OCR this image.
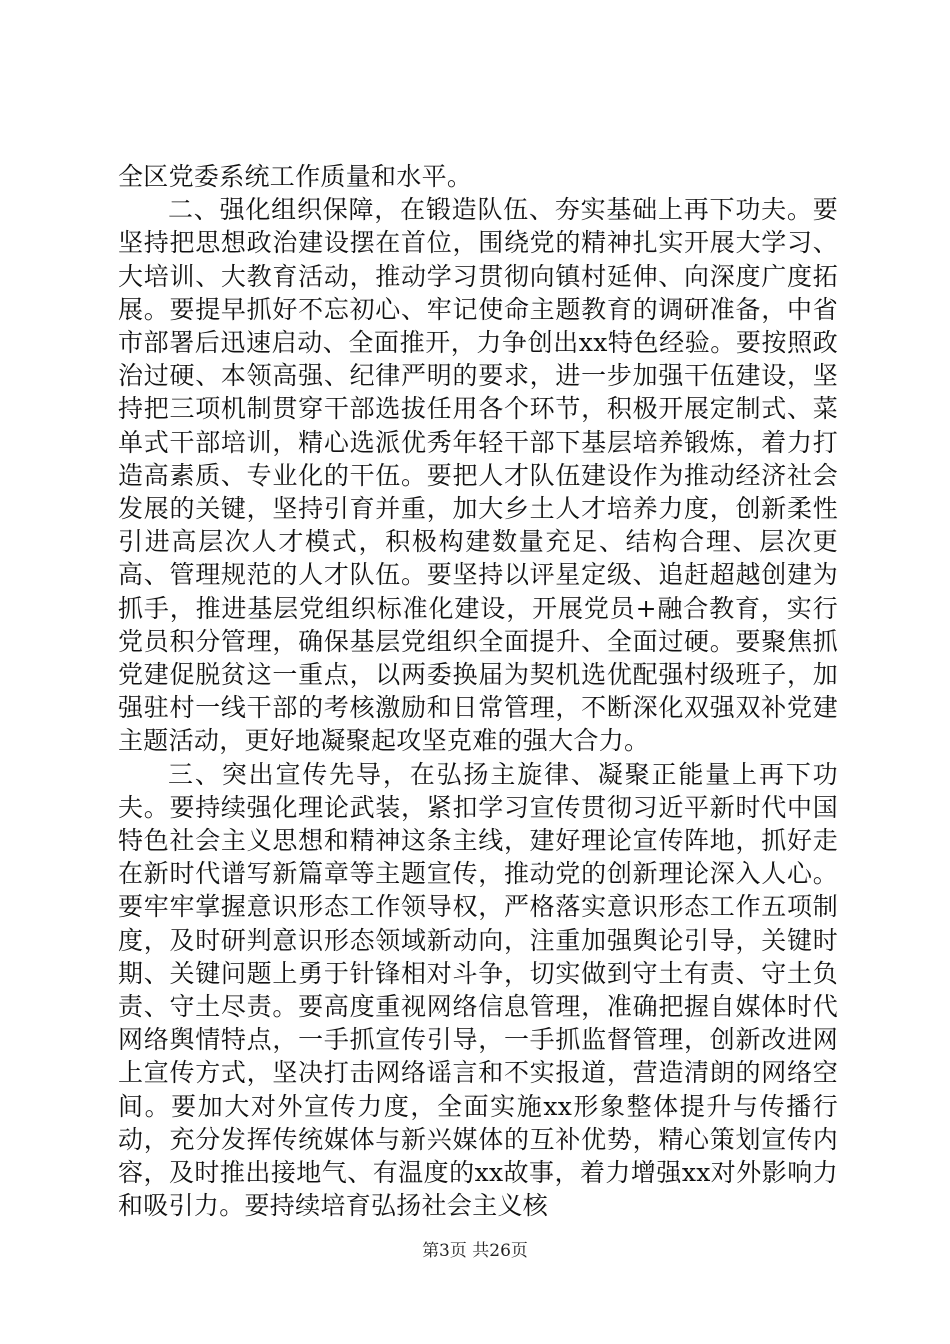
全区党委系统工作质量和水平。

二、强化组织保障，在锻造队伍、夯实基础上再下功夫。要坚持把思想政治建设摆在首位，围绕党的精神扎实开展大学习、大培训、大教育活动，推动学习贯彻向镇村延伸、向深度广度拓展。要提早抓好不忘初心、牢记使命主题教育的调研准备，中省市部署后迅速启动、全面推开，力争创出xx特色经验。要按照政治过硬、本领高强、纪律严明的要求，进一步加强干伍建设，坚持把三项机制贯穿干部选拔任用各个环节，积极开展定制式、菜单式干部培训，精心选派优秀年轻干部下基层培养锻炼，着力打造高素质、专业化的干伍。要把人才队伍建设作为推动经济社会发展的关键，坚持引育并重，加大乡土人才培养力度，创新柔性引进高层次人才模式，积极构建数量充足、结构合理、层次更高、管理规范的人才队伍。要坚持以评星定级、追赶超越创建为抓手，推进基层党组织标准化建设，开展党员+融合教育，实行党员积分管理，确保基层党组织全面提升、全面过硬。要聚焦抓党建促脱贫这一重点，以两委换届为契机选优配强村级班子，加强驻村一线干部的考核激励和日常管理，不断深化双强双补党建主题活动，更好地凝聚起攻坚克难的强大合力。

三、突出宣传先导，在弘扬主旋律、凝聚正能量上再下功夫。要持续强化理论武装，紧扣学习宣传贯彻习近平新时代中国特色社会主义思想和精神这条主线，建好理论宣传阵地，抓好走在新时代谱写新篇章等主题宣传，推动党的创新理论深入人心。要牢牢掌握意识形态工作领导权，严格落实意识形态工作五项制度，及时研判意识形态领域新动向，注重加强舆论引导，关键时期、关键问题上勇于针锋相对斗争，切实做到守土有责、守土负责、守土尽责。要高度重视网络信息管理，准确把握自媒体时代网络舆情特点，一手抓宣传引导，一手抓监督管理，创新改进网上宣传方式，坚决打击网络谣言和不实报道，营造清朗的网络空间。要加大对外宣传力度，全面实施xx形象整体提升与传播行动，充分发挥传统媒体与新兴媒体的互补优势，精心策划宣传内容，及时推出接地气、有温度的xx故事，着力增强xx对外影响力和吸引力。要持续培育弘扬社会主义核

第3页 共26页
